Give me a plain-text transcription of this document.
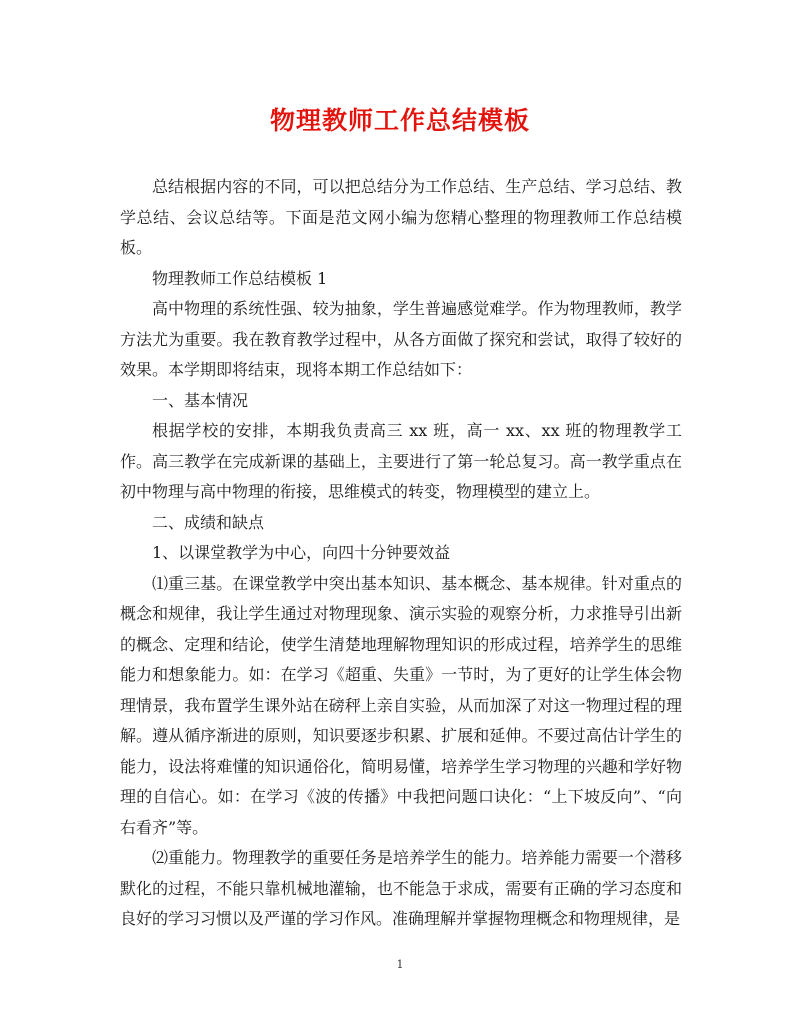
物理教师工作总结模板

总结根据内容的不同，可以把总结分为工作总结、生产总结、学习总结、教学总结、会议总结等。下面是范文网小编为您精心整理的物理教师工作总结模板。

物理教师工作总结模板 1

高中物理的系统性强、较为抽象，学生普遍感觉难学。作为物理教师，教学方法尤为重要。我在教育教学过程中，从各方面做了探究和尝试，取得了较好的效果。本学期即将结束，现将本期工作总结如下：

一、基本情况

根据学校的安排，本期我负责高三 xx 班，高一 xx、xx 班的物理教学工作。高三教学在完成新课的基础上，主要进行了第一轮总复习。高一教学重点在初中物理与高中物理的衔接，思维模式的转变，物理模型的建立上。

二、成绩和缺点

1、以课堂教学为中心，向四十分钟要效益

⑴重三基。在课堂教学中突出基本知识、基本概念、基本规律。针对重点的概念和规律，我让学生通过对物理现象、演示实验的观察分析，力求推导引出新的概念、定理和结论，使学生清楚地理解物理知识的形成过程，培养学生的思维能力和想象能力。如：在学习《超重、失重》一节时，为了更好的让学生体会物理情景，我布置学生课外站在磅秤上亲自实验，从而加深了对这一物理过程的理解。遵从循序渐进的原则，知识要逐步积累、扩展和延伸。不要过高估计学生的能力，设法将难懂的知识通俗化，简明易懂，培养学生学习物理的兴趣和学好物理的自信心。如：在学习《波的传播》中我把问题口诀化：“上下坡反向”、“向右看齐”等。

⑵重能力。物理教学的重要任务是培养学生的能力。培养能力需要一个潜移默化的过程，不能只靠机械地灌输，也不能急于求成，需要有正确的学习态度和良好的学习习惯以及严谨的学习作风。准确理解并掌握物理概念和物理规律，是

1
